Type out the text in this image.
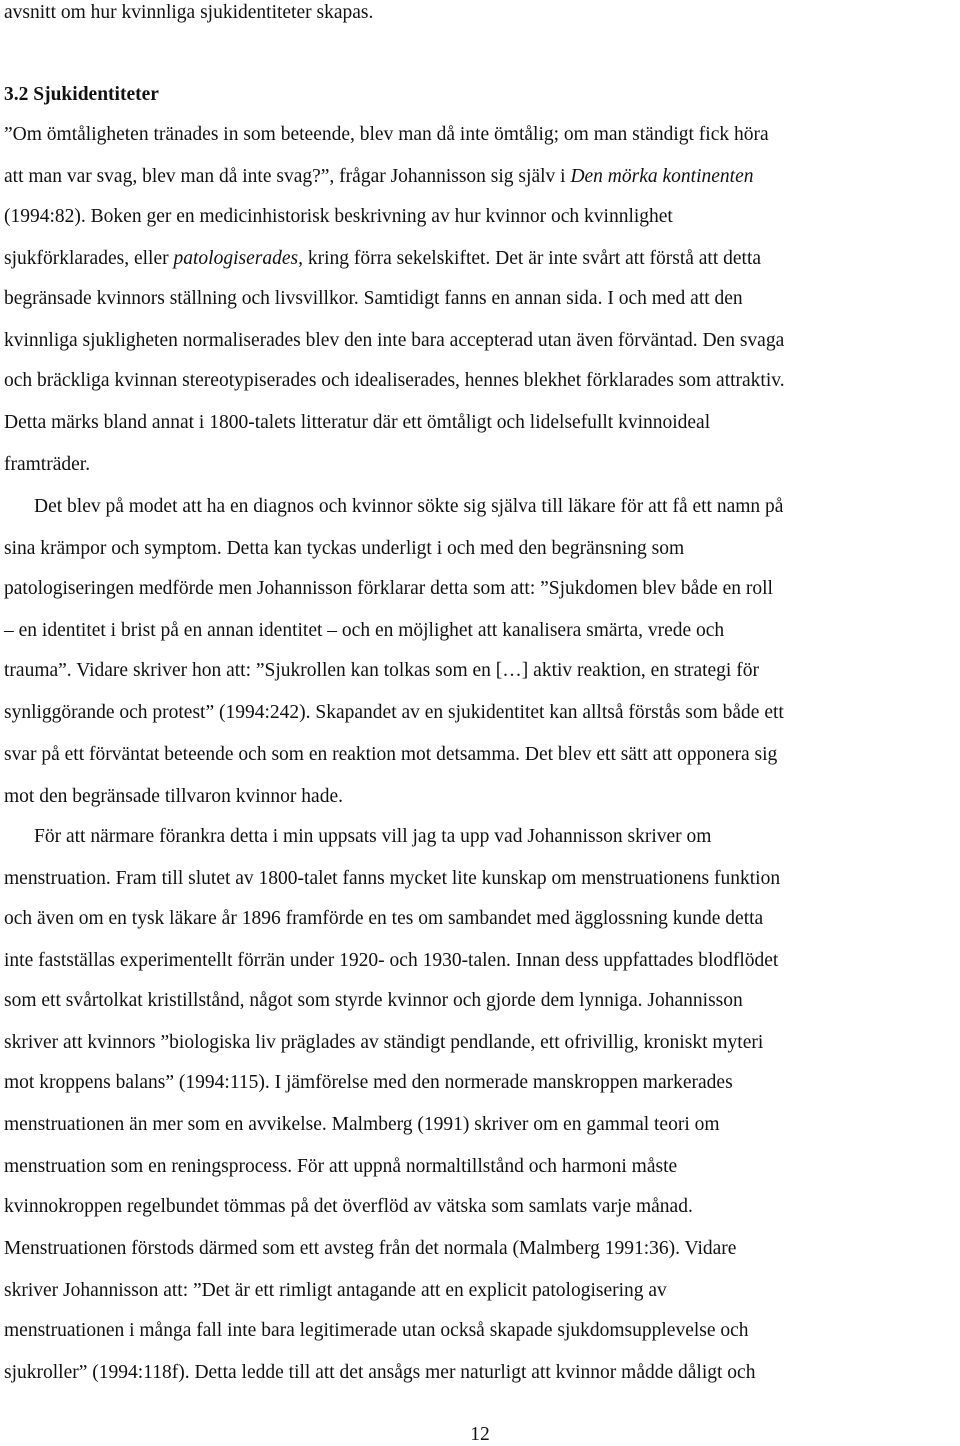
avsnitt om hur kvinnliga sjukidentiteter skapas.
3.2 Sjukidentiteter
”Om ömtåligheten tränades in som beteende, blev man då inte ömtålig; om man ständigt fick höra
att man var svag, blev man då inte svag?”, frågar Johannisson sig själv i Den mörka kontinenten
(1994:82). Boken ger en medicinhistorisk beskrivning av hur kvinnor och kvinnlighet
sjukförklarades, eller patologiserades, kring förra sekelskiftet. Det är inte svårt att förstå att detta
begränsade kvinnors ställning och livsvillkor. Samtidigt fanns en annan sida. I och med att den
kvinnliga sjukligheten normaliserades blev den inte bara accepterad utan även förväntad. Den svaga
och bräckliga kvinnan stereotypiserades och idealiserades, hennes blekhet förklarades som attraktiv.
Detta märks bland annat i 1800-talets litteratur där ett ömtåligt och lidelsefullt kvinnoideal
framträder.
Det blev på modet att ha en diagnos och kvinnor sökte sig själva till läkare för att få ett namn på
sina krämpor och symptom. Detta kan tyckas underligt i och med den begränsning som
patologiseringen medförde men Johannisson förklarar detta som att: ”Sjukdomen blev både en roll
– en identitet i brist på en annan identitet – och en möjlighet att kanalisera smärta, vrede och
trauma”. Vidare skriver hon att: ”Sjukrollen kan tolkas som en […] aktiv reaktion, en strategi för
synliggörande och protest” (1994:242). Skapandet av en sjukidentitet kan alltså förstås som både ett
svar på ett förväntat beteende och som en reaktion mot detsamma. Det blev ett sätt att opponera sig
mot den begränsade tillvaron kvinnor hade.
För att närmare förankra detta i min uppsats vill jag ta upp vad Johannisson skriver om
menstruation. Fram till slutet av 1800-talet fanns mycket lite kunskap om menstruationens funktion
och även om en tysk läkare år 1896 framförde en tes om sambandet med ägglossning kunde detta
inte fastställas experimentellt förrän under 1920- och 1930-talen. Innan dess uppfattades blodflödet
som ett svårtolkat kristillstånd, något som styrde kvinnor och gjorde dem lynniga. Johannisson
skriver att kvinnors ”biologiska liv präglades av ständigt pendlande, ett ofrivillig, kroniskt myteri
mot kroppens balans” (1994:115). I jämförelse med den normerade manskroppen markerades
menstruationen än mer som en avvikelse. Malmberg (1991) skriver om en gammal teori om
menstruation som en reningsprocess. För att uppnå normaltillstånd och harmoni måste
kvinnokroppen regelbundet tömmas på det överflöd av vätska som samlats varje månad.
Menstruationen förstods därmed som ett avsteg från det normala (Malmberg 1991:36). Vidare
skriver Johannisson att: ”Det är ett rimligt antagande att en explicit patologisering av
menstruationen i många fall inte bara legitimerade utan också skapade sjukdomsupplevelse och
sjukroller” (1994:118f). Detta ledde till att det ansågs mer naturligt att kvinnor mådde dåligt och
12
